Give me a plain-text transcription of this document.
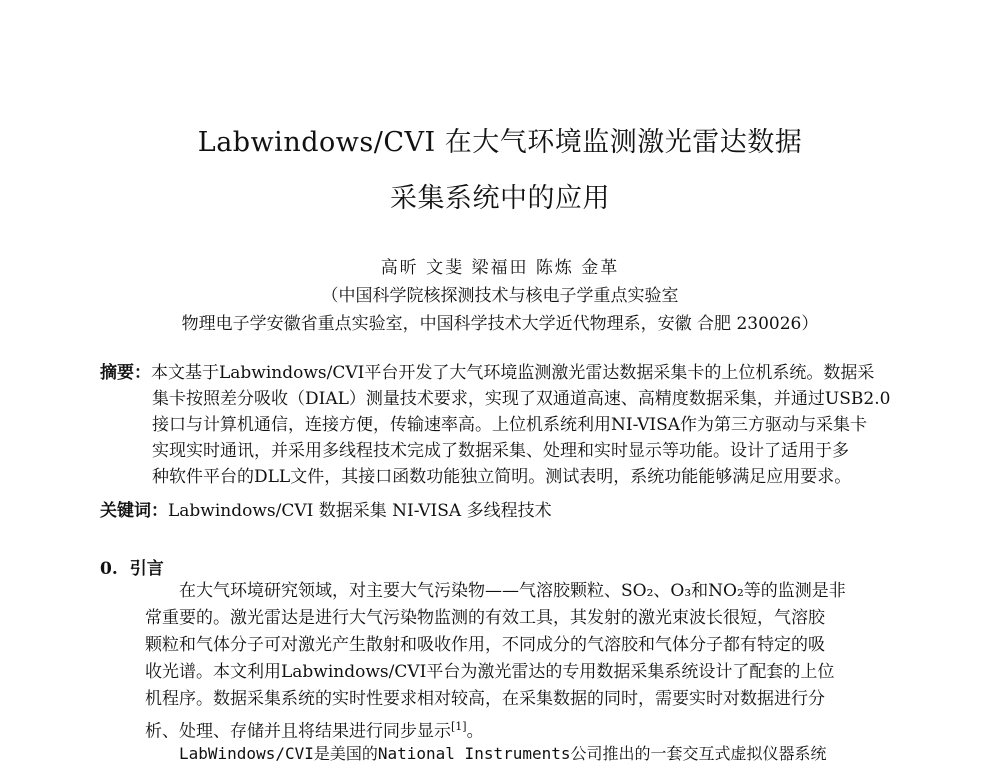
Labwindows/CVI 在大气环境监测激光雷达数据
采集系统中的应用
高昕 文斐 梁福田 陈炼 金革
（中国科学院核探测技术与核电子学重点实验室
物理电子学安徽省重点实验室，中国科学技术大学近代物理系，安徽 合肥 230026）
摘要：本文基于Labwindows/CVI平台开发了大气环境监测激光雷达数据采集卡的上位机系统。数据采
集卡按照差分吸收（DIAL）测量技术要求，实现了双通道高速、高精度数据采集，并通过USB2.0
接口与计算机通信，连接方便，传输速率高。上位机系统利用NI-VISA作为第三方驱动与采集卡
实现实时通讯，并采用多线程技术完成了数据采集、处理和实时显示等功能。设计了适用于多
种软件平台的DLL文件，其接口函数功能独立简明。测试表明，系统功能能够满足应用要求。
关键词：Labwindows/CVI 数据采集 NI-VISA 多线程技术
0. 引言
在大气环境研究领域，对主要大气污染物——气溶胶颗粒、SO₂、O₃和NO₂等的监测是非
常重要的。激光雷达是进行大气污染物监测的有效工具，其发射的激光束波长很短，气溶胶
颗粒和气体分子可对激光产生散射和吸收作用，不同成分的气溶胶和气体分子都有特定的吸
收光谱。本文利用Labwindows/CVI平台为激光雷达的专用数据采集系统设计了配套的上位
机程序。数据采集系统的实时性要求相对较高，在采集数据的同时，需要实时对数据进行分
析、处理、存储并且将结果进行同步显示[1]。
LabWindows/CVI是美国的National Instruments公司推出的一套交互式虚拟仪器系统
